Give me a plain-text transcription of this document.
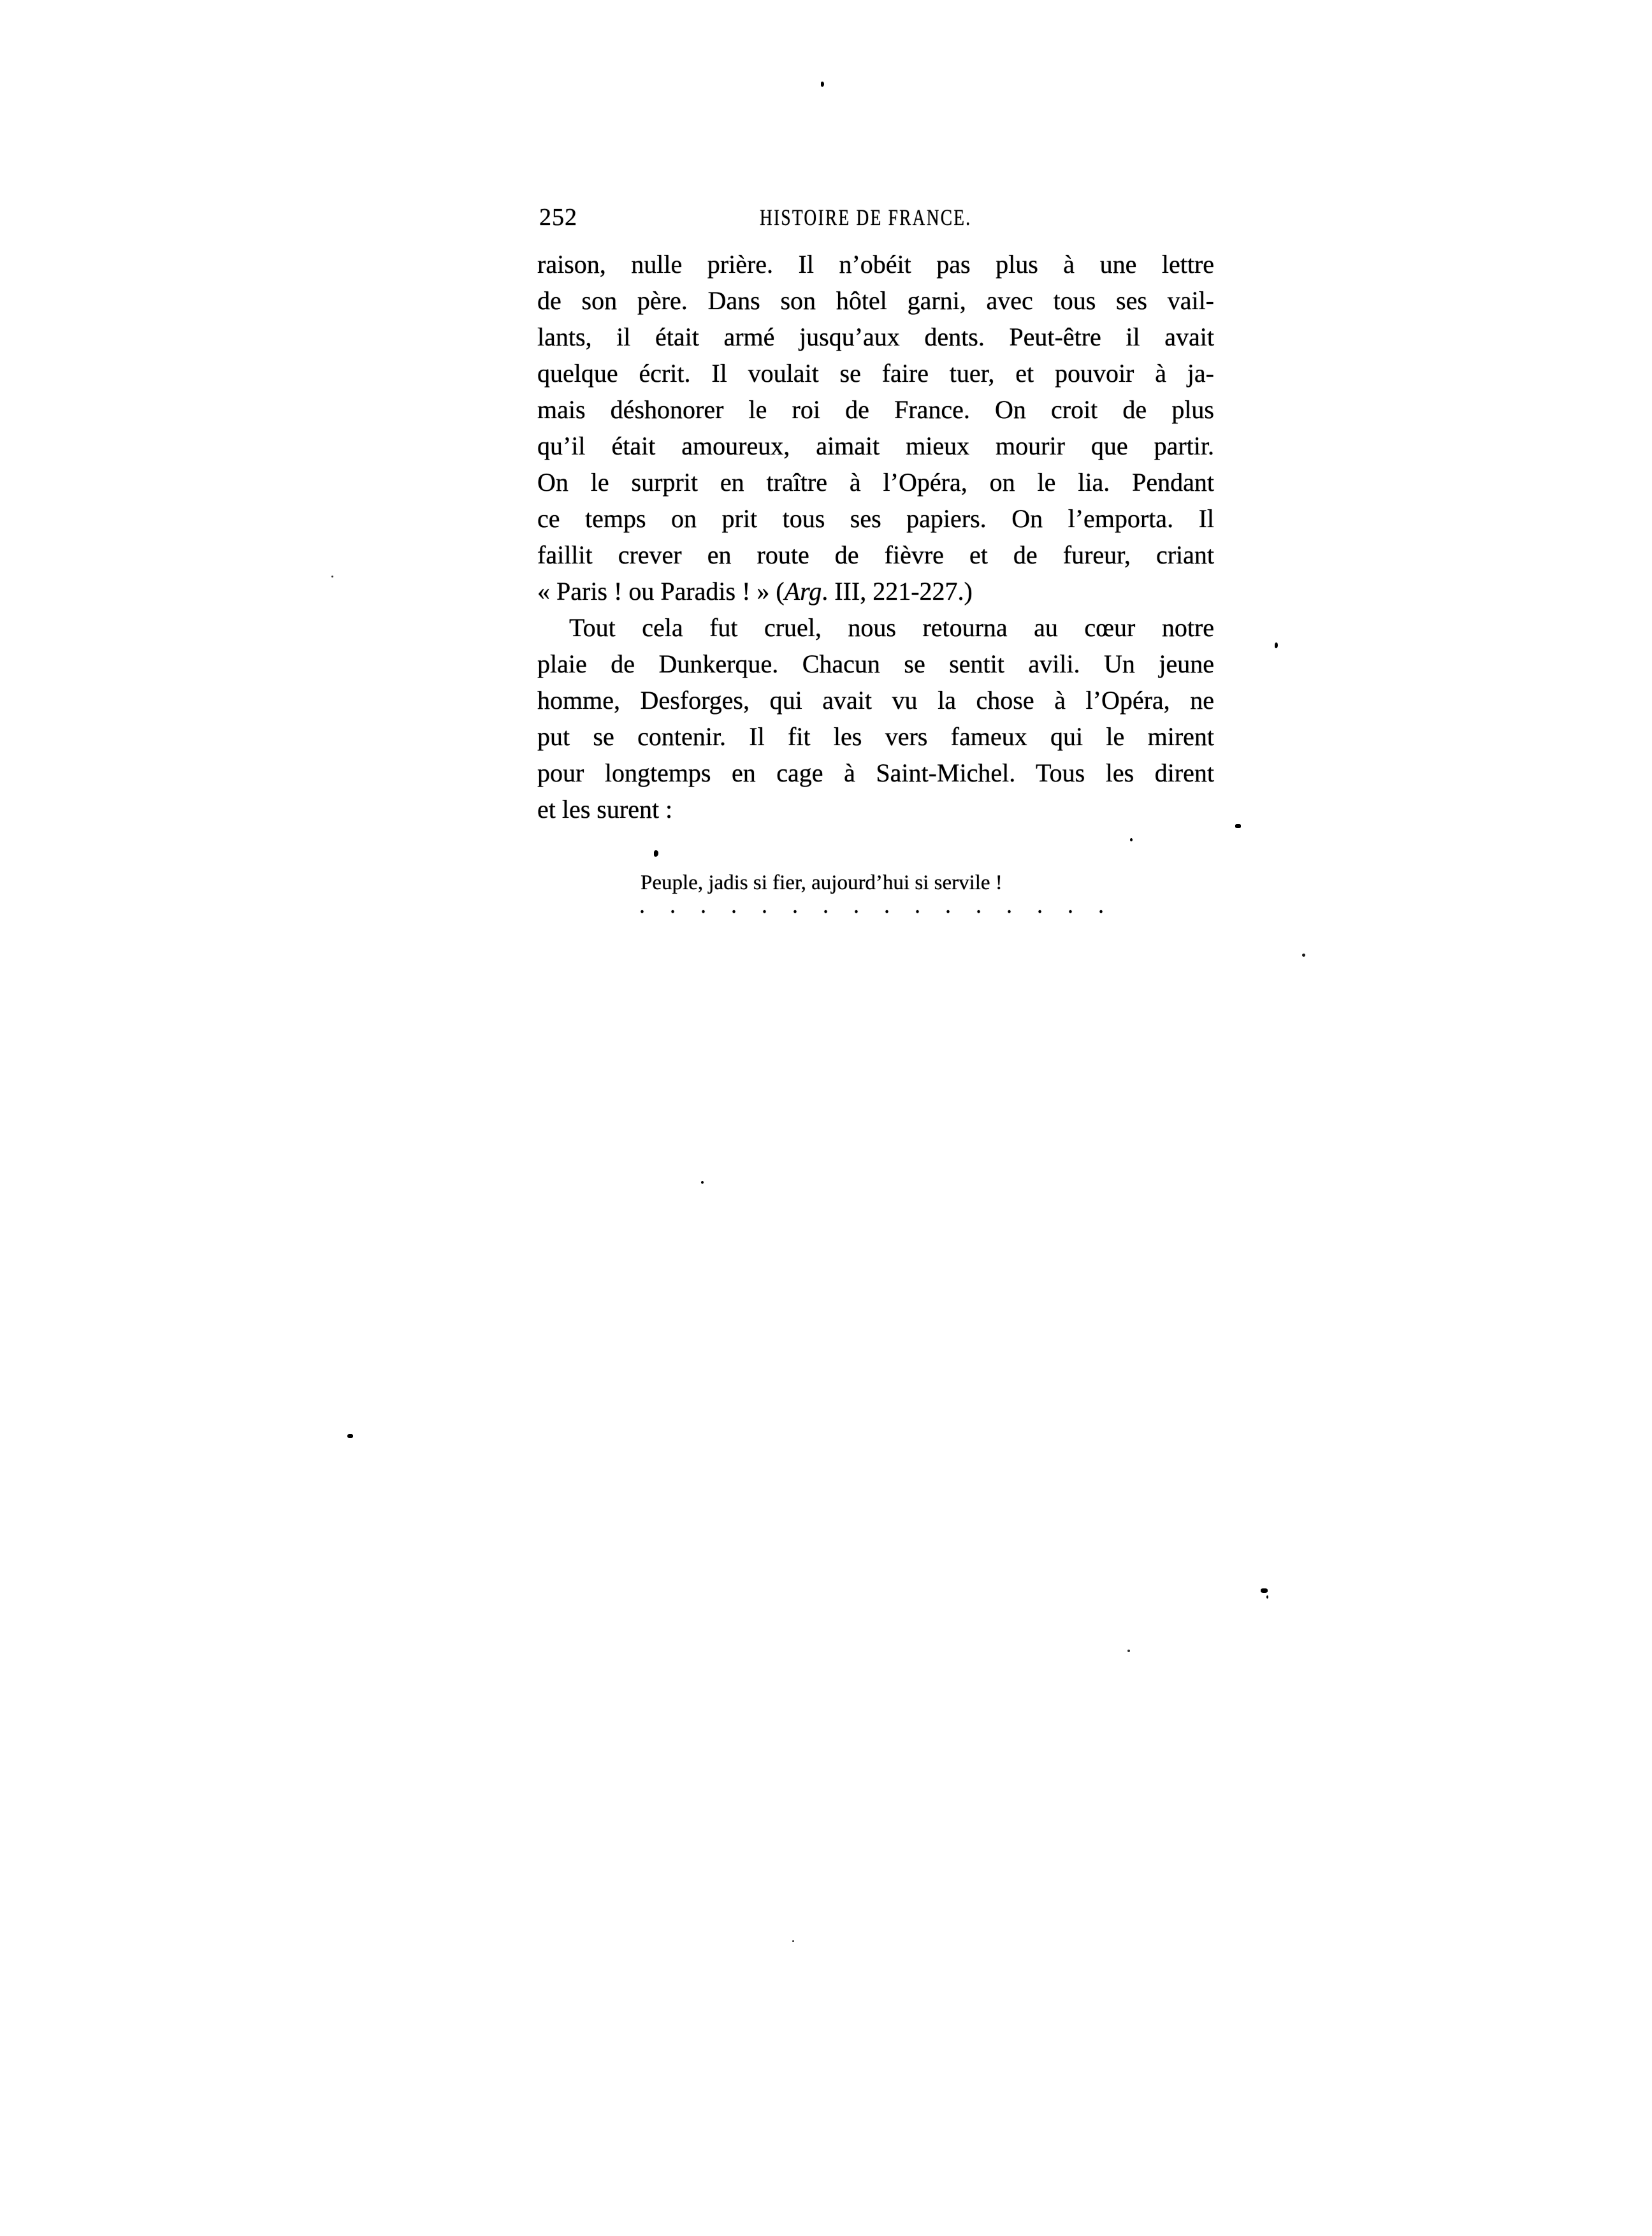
252	HISTOIRE DE FRANCE.
raison, nulle prière. Il n’obéit pas plus à une lettre
de son père. Dans son hôtel garni, avec tous ses vail-
lants, il était armé jusqu’aux dents. Peut-être il avait
quelque écrit. Il voulait se faire tuer, et pouvoir à ja-
mais déshonorer le roi de France. On croit de plus
qu’il était amoureux, aimait mieux mourir que partir.
On le surprit en traître à l’Opéra, on le lia. Pendant
ce temps on prit tous ses papiers. On l’emporta. Il
faillit crever en route de fièvre et de fureur, criant
« Paris ! ou Paradis ! » (Arg. III, 221-227.)
Tout cela fut cruel, nous retourna au cœur notre
plaie de Dunkerque. Chacun se sentit avili. Un jeune
homme, Desforges, qui avait vu la chose à l’Opéra, ne
put se contenir. Il fit les vers fameux qui le mirent
pour longtemps en cage à Saint-Michel. Tous les dirent
et les surent :
Peuple, jadis si fier, aujourd’hui si servile !
. . . . . . . . . . . . . . . .
